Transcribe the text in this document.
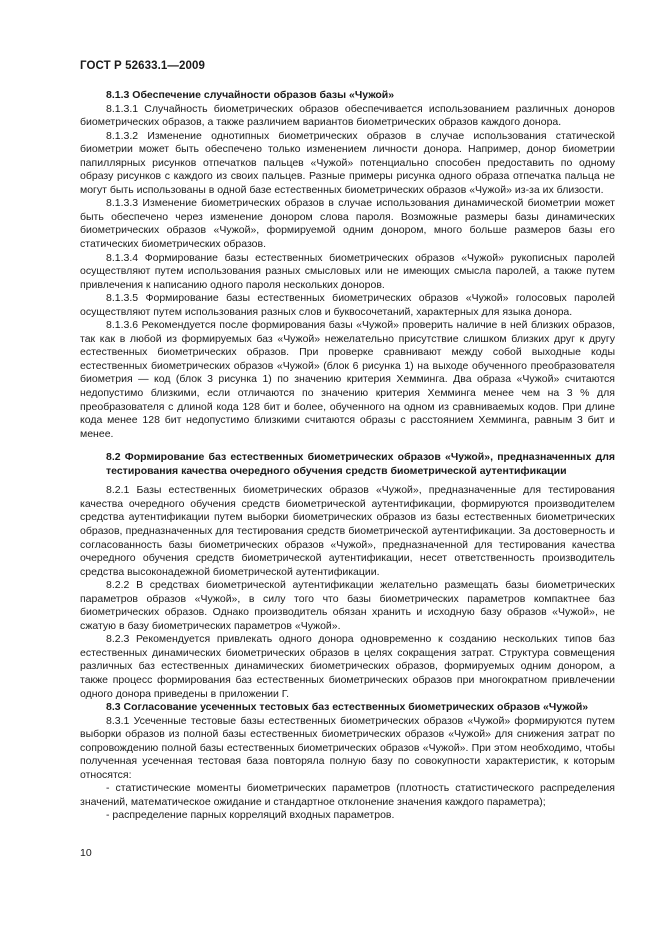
ГОСТ Р 52633.1—2009

8.1.3 Обеспечение случайности образов базы «Чужой»

8.1.3.1 Случайность биометрических образов обеспечивается использованием различных доноров биометрических образов, а также различием вариантов биометрических образов каждого донора.

8.1.3.2 Изменение однотипных биометрических образов в случае использования статической биометрии может быть обеспечено только изменением личности донора. Например, донор биометрии папиллярных рисунков отпечатков пальцев «Чужой» потенциально способен предоставить по одному образу рисунков с каждого из своих пальцев. Разные примеры рисунка одного образа отпечатка пальца не могут быть использованы в одной базе естественных биометрических образов «Чужой» из-за их близости.

8.1.3.3 Изменение биометрических образов в случае использования динамической биометрии может быть обеспечено через изменение донором слова пароля. Возможные размеры базы динамических биометрических образов «Чужой», формируемой одним донором, много больше размеров базы его статических биометрических образов.

8.1.3.4 Формирование базы естественных биометрических образов «Чужой» рукописных паролей осуществляют путем использования разных смысловых или не имеющих смысла паролей, а также путем привлечения к написанию одного пароля нескольких доноров.

8.1.3.5 Формирование базы естественных биометрических образов «Чужой» голосовых паролей осуществляют путем использования разных слов и буквосочетаний, характерных для языка донора.

8.1.3.6 Рекомендуется после формирования базы «Чужой» проверить наличие в ней близких образов, так как в любой из формируемых баз «Чужой» нежелательно присутствие слишком близких друг к другу естественных биометрических образов. При проверке сравнивают между собой выходные коды естественных биометрических образов «Чужой» (блок 6 рисунка 1) на выходе обученного преобразователя биометрия — код (блок 3 рисунка 1) по значению критерия Хемминга. Два образа «Чужой» считаются недопустимо близкими, если отличаются по значению критерия Хемминга менее чем на 3 % для преобразователя с длиной кода 128 бит и более, обученного на одном из сравниваемых кодов. При длине кода менее 128 бит недопустимо близкими считаются образы с расстоянием Хемминга, равным 3 бит и менее.

8.2 Формирование баз естественных биометрических образов «Чужой», предназначенных для тестирования качества очередного обучения средств биометрической аутентификации

8.2.1 Базы естественных биометрических образов «Чужой», предназначенные для тестирования качества очередного обучения средств биометрической аутентификации, формируются производителем средства аутентификации путем выборки биометрических образов из базы естественных биометрических образов, предназначенных для тестирования средств биометрической аутентификации. За достоверность и согласованность базы биометрических образов «Чужой», предназначенной для тестирования качества очередного обучения средств биометрической аутентификации, несет ответственность производитель средства высоконадежной биометрической аутентификации.

8.2.2 В средствах биометрической аутентификации желательно размещать базы биометрических параметров образов «Чужой», в силу того что базы биометрических параметров компактнее баз биометрических образов. Однако производитель обязан хранить и исходную базу образов «Чужой», не сжатую в базу биометрических параметров «Чужой».

8.2.3 Рекомендуется привлекать одного донора одновременно к созданию нескольких типов баз естественных динамических биометрических образов в целях сокращения затрат. Структура совмещения различных баз естественных динамических биометрических образов, формируемых одним донором, а также процесс формирования баз естественных биометрических образов при многократном привлечении одного донора приведены в приложении Г.

8.3 Согласование усеченных тестовых баз естественных биометрических образов «Чужой»

8.3.1 Усеченные тестовые базы естественных биометрических образов «Чужой» формируются путем выборки образов из полной базы естественных биометрических образов «Чужой» для снижения затрат по сопровождению полной базы естественных биометрических образов «Чужой». При этом необходимо, чтобы полученная усеченная тестовая база повторяла полную базу по совокупности характеристик, к которым относятся:

- статистические моменты биометрических параметров (плотность статистического распределения значений, математическое ожидание и стандартное отклонение значения каждого параметра);

- распределение парных корреляций входных параметров.

10
